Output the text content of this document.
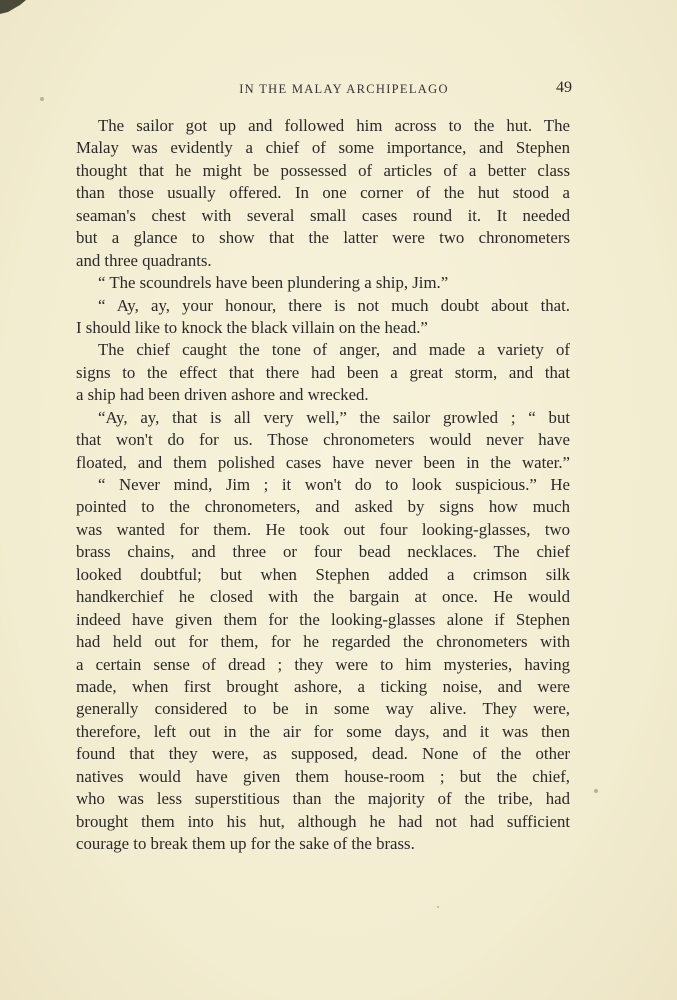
IN THE MALAY ARCHIPELAGO	49
The sailor got up and followed him across to the hut. The
Malay was evidently a chief of some importance, and Stephen
thought that he might be possessed of articles of a better class
than those usually offered. In one corner of the hut stood a
seaman's chest with several small cases round it. It needed
but a glance to show that the latter were two chronometers
and three quadrants.
“ The scoundrels have been plundering a ship, Jim.”
“ Ay, ay, your honour, there is not much doubt about that.
I should like to knock the black villain on the head.”
The chief caught the tone of anger, and made a variety of
signs to the effect that there had been a great storm, and that
a ship had been driven ashore and wrecked.
“Ay, ay, that is all very well,” the sailor growled ; “ but
that won't do for us. Those chronometers would never have
floated, and them polished cases have never been in the water.”
“ Never mind, Jim ; it won't do to look suspicious.” He
pointed to the chronometers, and asked by signs how much
was wanted for them. He took out four looking-glasses, two
brass chains, and three or four bead necklaces. The chief
looked doubtful; but when Stephen added a crimson silk
handkerchief he closed with the bargain at once. He would
indeed have given them for the looking-glasses alone if Stephen
had held out for them, for he regarded the chronometers with
a certain sense of dread ; they were to him mysteries, having
made, when first brought ashore, a ticking noise, and were
generally considered to be in some way alive. They were,
therefore, left out in the air for some days, and it was then
found that they were, as supposed, dead. None of the other
natives would have given them house-room ; but the chief,
who was less superstitious than the majority of the tribe, had
brought them into his hut, although he had not had sufficient
courage to break them up for the sake of the brass.
